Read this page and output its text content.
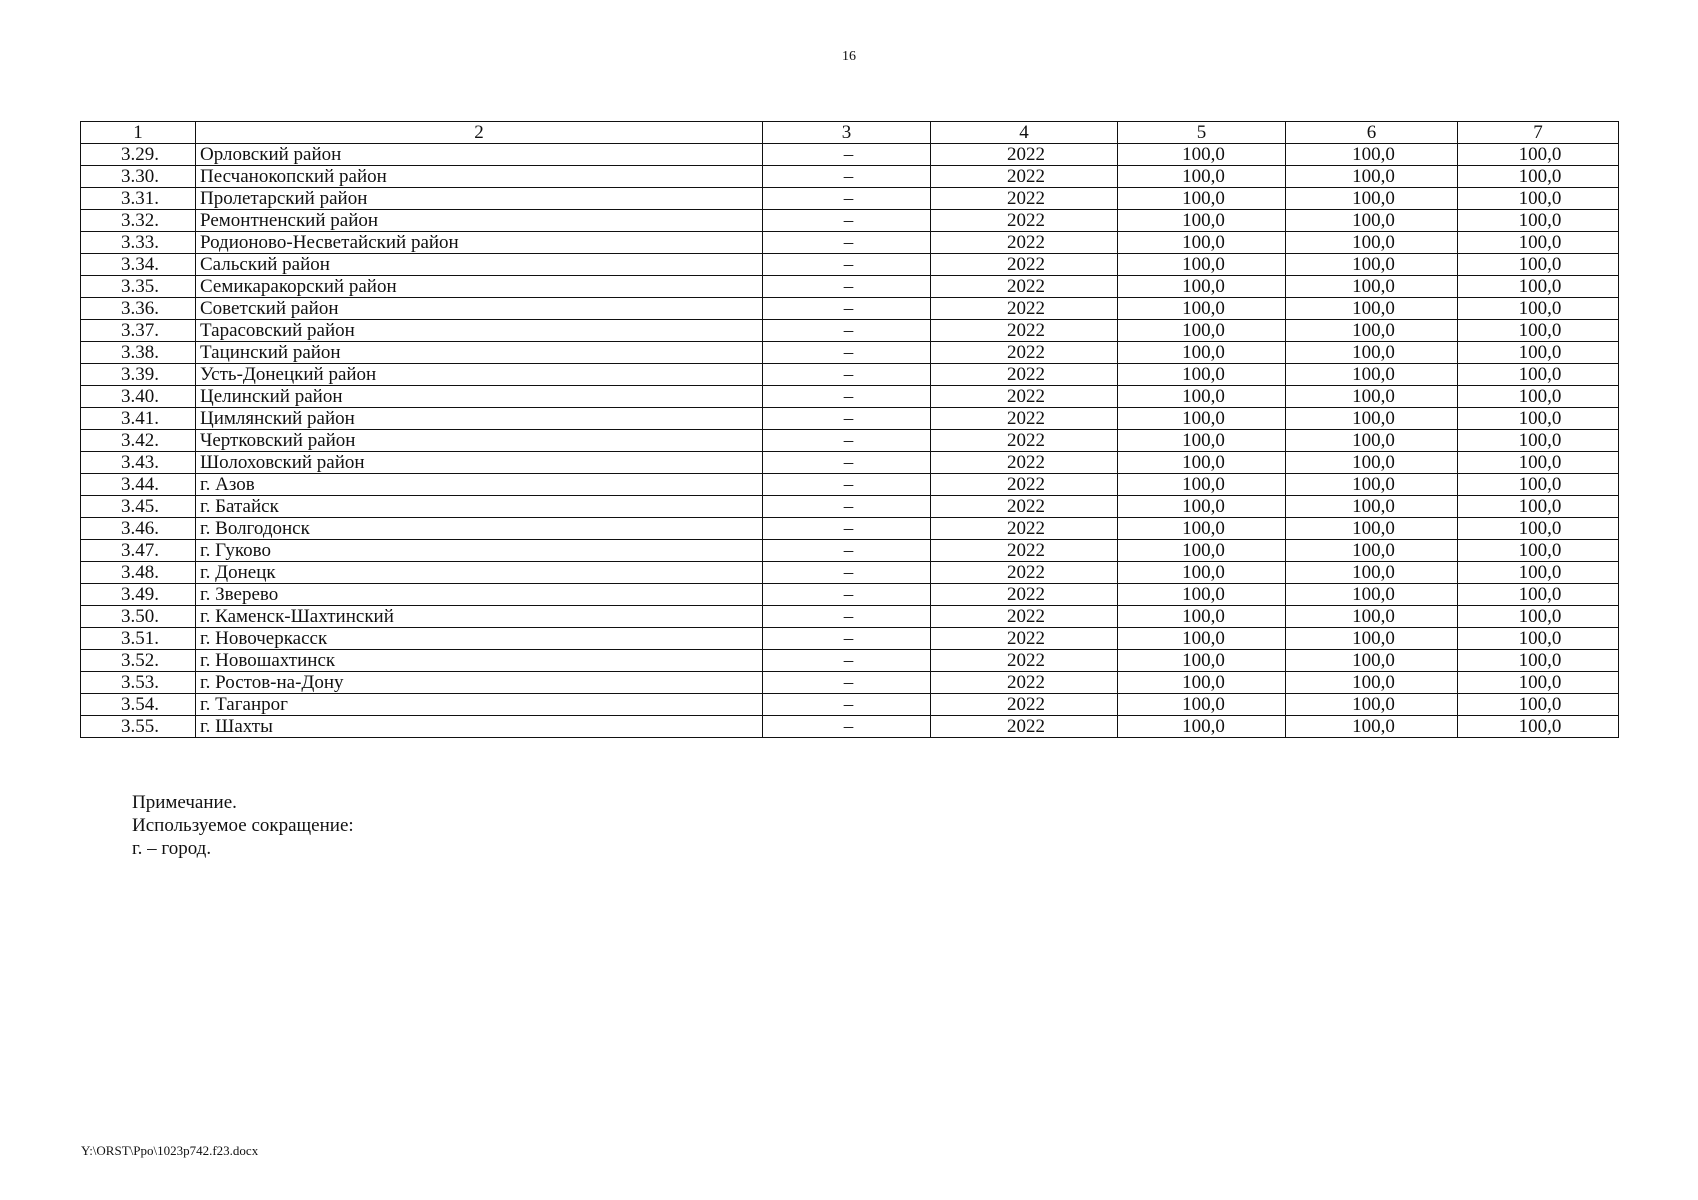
16
1	2	3	4	5	6	7
3.29.	Орловский район	–	2022	100,0	100,0	100,0
3.30.	Песчанокопский район	–	2022	100,0	100,0	100,0
3.31.	Пролетарский район	–	2022	100,0	100,0	100,0
3.32.	Ремонтненский район	–	2022	100,0	100,0	100,0
3.33.	Родионово-Несветайский район	–	2022	100,0	100,0	100,0
3.34.	Сальский район	–	2022	100,0	100,0	100,0
3.35.	Семикаракорский район	–	2022	100,0	100,0	100,0
3.36.	Советский район	–	2022	100,0	100,0	100,0
3.37.	Тарасовский район	–	2022	100,0	100,0	100,0
3.38.	Тацинский район	–	2022	100,0	100,0	100,0
3.39.	Усть-Донецкий район	–	2022	100,0	100,0	100,0
3.40.	Целинский район	–	2022	100,0	100,0	100,0
3.41.	Цимлянский район	–	2022	100,0	100,0	100,0
3.42.	Чертковский район	–	2022	100,0	100,0	100,0
3.43.	Шолоховский район	–	2022	100,0	100,0	100,0
3.44.	г. Азов	–	2022	100,0	100,0	100,0
3.45.	г. Батайск	–	2022	100,0	100,0	100,0
3.46.	г. Волгодонск	–	2022	100,0	100,0	100,0
3.47.	г. Гуково	–	2022	100,0	100,0	100,0
3.48.	г. Донецк	–	2022	100,0	100,0	100,0
3.49.	г. Зверево	–	2022	100,0	100,0	100,0
3.50.	г. Каменск-Шахтинский	–	2022	100,0	100,0	100,0
3.51.	г. Новочеркасск	–	2022	100,0	100,0	100,0
3.52.	г. Новошахтинск	–	2022	100,0	100,0	100,0
3.53.	г. Ростов-на-Дону	–	2022	100,0	100,0	100,0
3.54.	г. Таганрог	–	2022	100,0	100,0	100,0
3.55.	г. Шахты	–	2022	100,0	100,0	100,0
Примечание.
Используемое сокращение:
г. – город.
Y:\ORST\Ppo\1023p742.f23.docx
